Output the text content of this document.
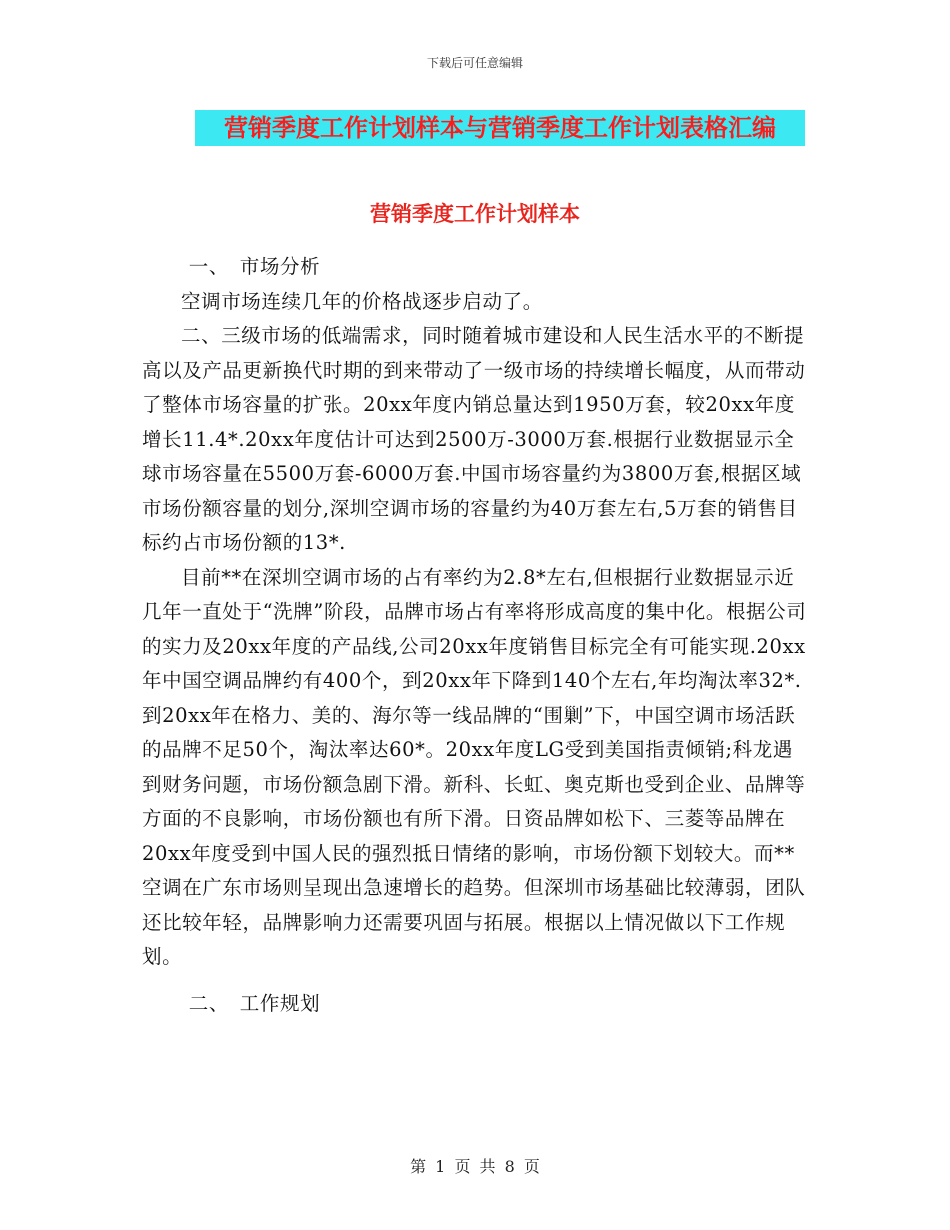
下载后可任意编辑
营销季度工作计划样本与营销季度工作计划表格汇编
营销季度工作计划样本

一、 市场分析

空调市场连续几年的价格战逐步启动了。

二、三级市场的低端需求，同时随着城市建设和人民生活水平的不断提高以及产品更新换代时期的到来带动了一级市场的持续增长幅度，从而带动了整体市场容量的扩张。20xx年度内销总量达到1950万套，较20xx年度增长11.4*.20xx年度估计可达到2500万-3000万套.根据行业数据显示全球市场容量在5500万套-6000万套.中国市场容量约为3800万套,根据区域市场份额容量的划分,深圳空调市场的容量约为40万套左右,5万套的销售目标约占市场份额的13*.

目前**在深圳空调市场的占有率约为2.8*左右,但根据行业数据显示近几年一直处于“洗牌”阶段，品牌市场占有率将形成高度的集中化。根据公司的实力及20xx年度的产品线,公司20xx年度销售目标完全有可能实现.20xx年中国空调品牌约有400个，到20xx年下降到140个左右,年均淘汰率32*.到20xx年在格力、美的、海尔等一线品牌的“围剿”下，中国空调市场活跃的品牌不足50个，淘汰率达60*。20xx年度LG受到美国指责倾销;科龙遇到财务问题，市场份额急剧下滑。新科、长虹、奥克斯也受到企业、品牌等方面的不良影响，市场份额也有所下滑。日资品牌如松下、三菱等品牌在20xx年度受到中国人民的强烈抵日情绪的影响，市场份额下划较大。而**空调在广东市场则呈现出急速增长的趋势。但深圳市场基础比较薄弱，团队还比较年轻，品牌影响力还需要巩固与拓展。根据以上情况做以下工作规划。

二、 工作规划

第 1 页 共 8 页
